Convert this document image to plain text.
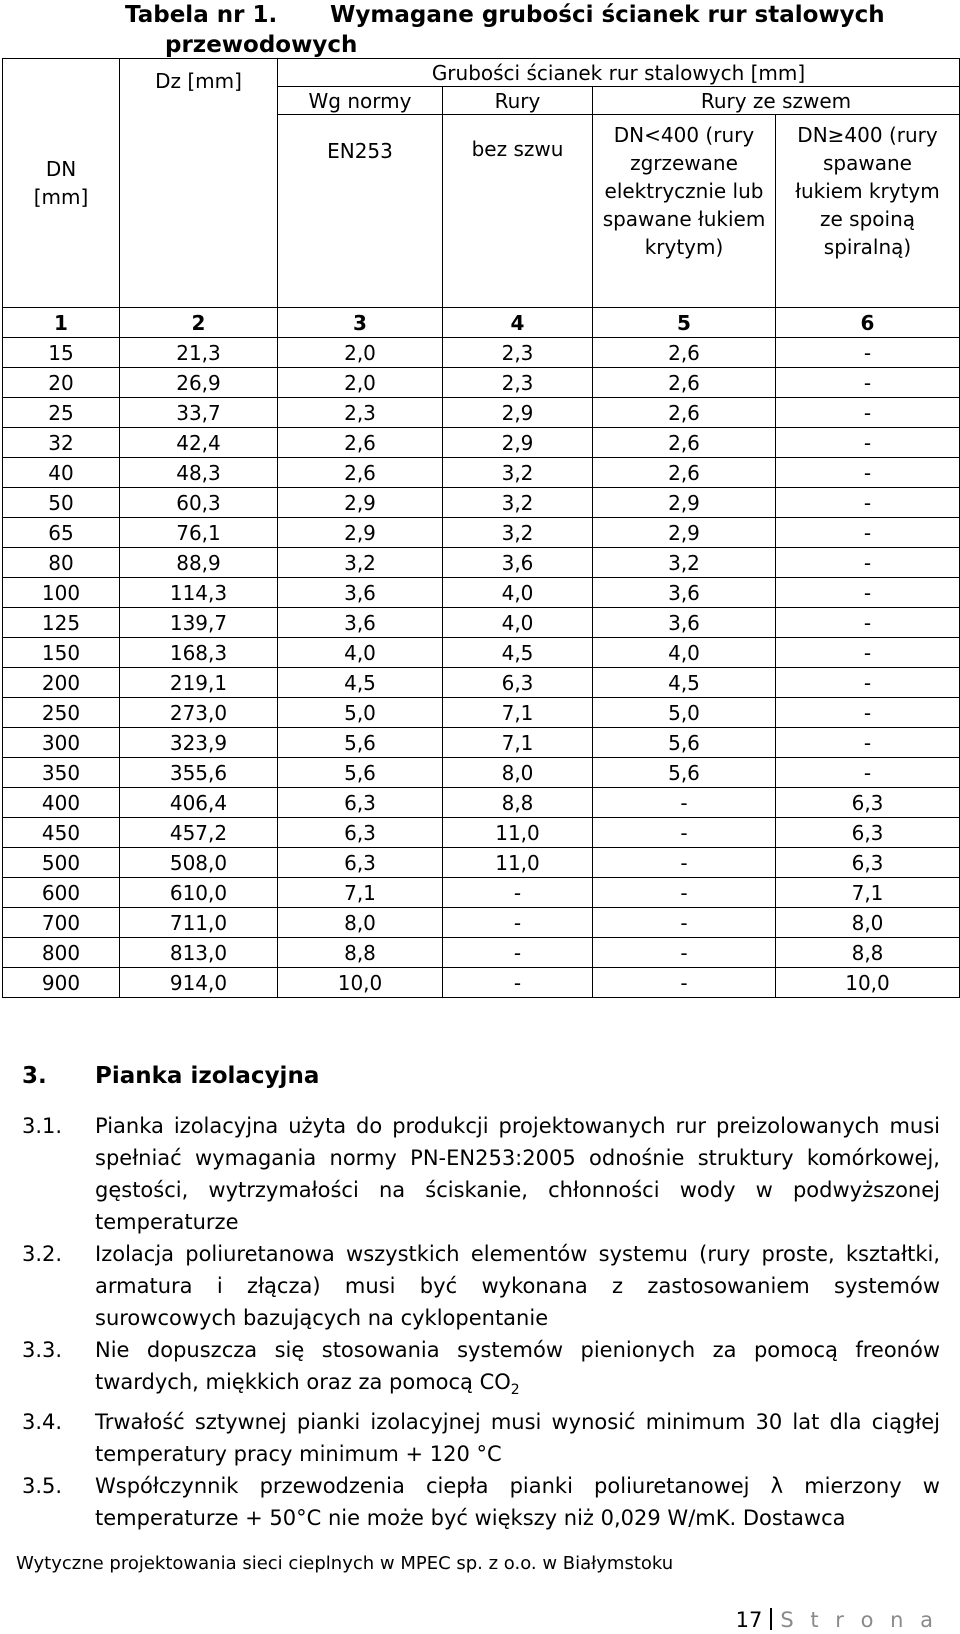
Tabela nr 1. Wymagane grubości ścianek rur stalowych
przewodowych
DN [mm]	Dz [mm]	Grubości ścianek rur stalowych [mm]			
		Wg normy	Rury	Rury ze szwem	
		EN253	bez szwu	DN<400 (rury zgrzewane elektrycznie lub spawane łukiem krytym)	DN≥400 (rury spawane łukiem krytym ze spoiną spiralną)
1	2	3	4	5	6
15	21,3	2,0	2,3	2,6	-
20	26,9	2,0	2,3	2,6	-
25	33,7	2,3	2,9	2,6	-
32	42,4	2,6	2,9	2,6	-
40	48,3	2,6	3,2	2,6	-
50	60,3	2,9	3,2	2,9	-
65	76,1	2,9	3,2	2,9	-
80	88,9	3,2	3,6	3,2	-
100	114,3	3,6	4,0	3,6	-
125	139,7	3,6	4,0	3,6	-
150	168,3	4,0	4,5	4,0	-
200	219,1	4,5	6,3	4,5	-
250	273,0	5,0	7,1	5,0	-
300	323,9	5,6	7,1	5,6	-
350	355,6	5,6	8,0	5,6	-
400	406,4	6,3	8,8	-	6,3
450	457,2	6,3	11,0	-	6,3
500	508,0	6,3	11,0	-	6,3
600	610,0	7,1	-	-	7,1
700	711,0	8,0	-	-	8,0
800	813,0	8,8	-	-	8,8
900	914,0	10,0	-	-	10,0
3. Pianka izolacyjna
3.1. Pianka izolacyjna użyta do produkcji projektowanych rur preizolowanych musi spełniać wymagania normy PN-EN253:2005 odnośnie struktury komórkowej, gęstości, wytrzymałości na ściskanie, chłonności wody w podwyższonej temperaturze

3.2. Izolacja poliuretanowa wszystkich elementów systemu (rury proste, kształtki, armatura i złącza) musi być wykonana z zastosowaniem systemów surowcowych bazujących na cyklopentanie

3.3. Nie dopuszcza się stosowania systemów pienionych za pomocą freonów twardych, miękkich oraz za pomocą $CO_2$

3.4. Trwałość sztywnej pianki izolacyjnej musi wynosić minimum 30 lat dla ciągłej temperatury pracy minimum + 120 °C

3.5. Współczynnik przewodzenia ciepła pianki poliuretanowej λ mierzony w temperaturze + 50°C nie może być większy niż 0,029 W/mK. Dostawca

Wytyczne projektowania sieci cieplnych w MPEC sp. z o.o. w Białymstoku
17 S t r o n a
